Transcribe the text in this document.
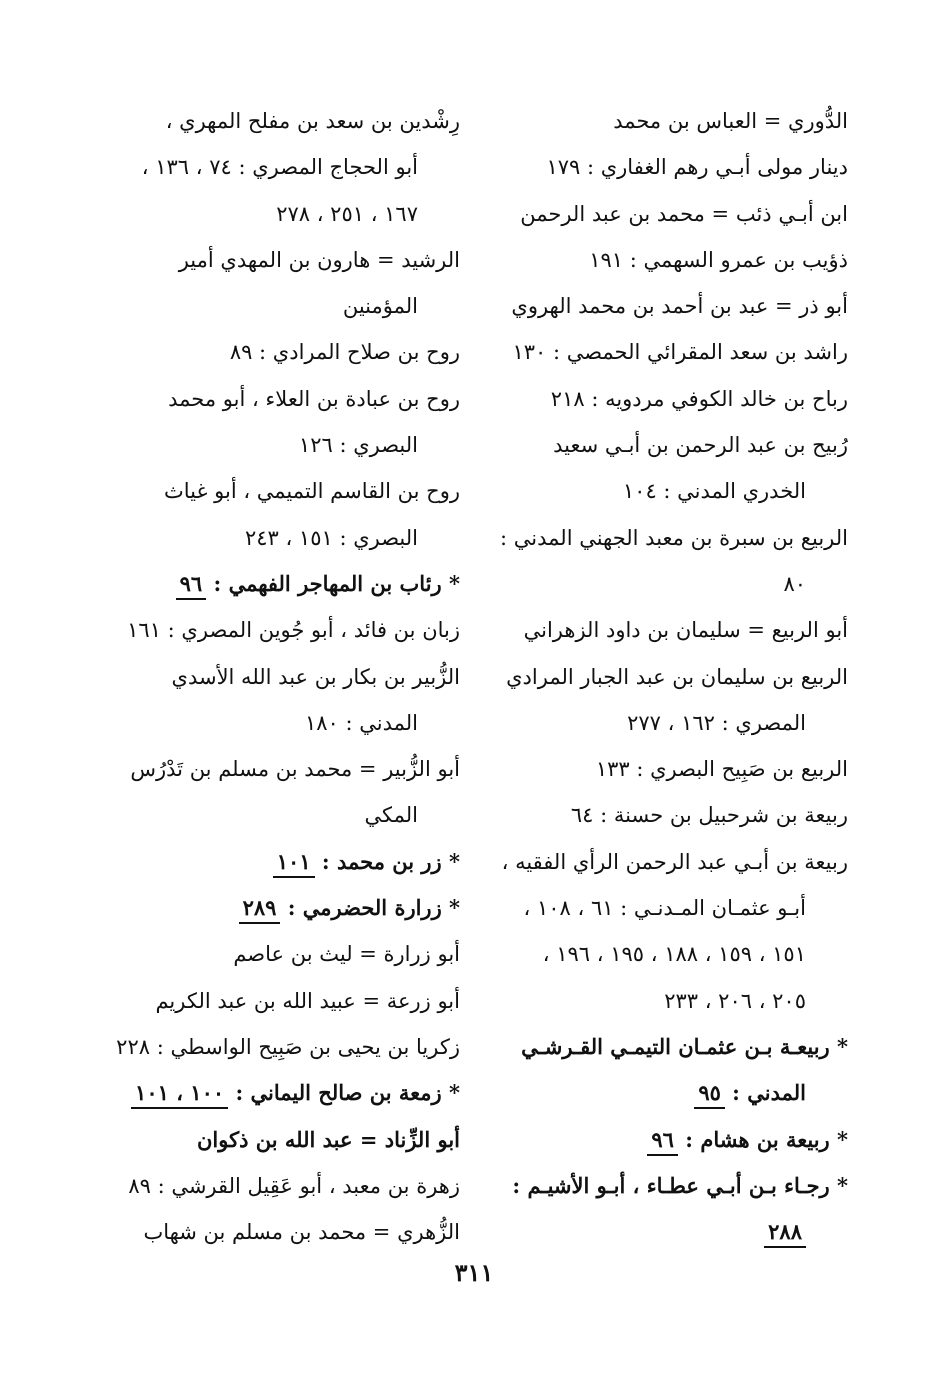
الدُّوري = العباس بن محمد
دينار مولى أبـي رهم الغفاري : ١٧٩
ابن أبـي ذئب = محمد بن عبد الرحمن
ذؤيب بن عمرو السهمي : ١٩١
أبو ذر = عبد بن أحمد بن محمد الهروي
راشد بن سعد المقرائي الحمصي : ١٣٠
رباح بن خالد الكوفي مردويه : ٢١٨
رُبيح بن عبد الرحمن بن أبـي سعيد
الخدري المدني : ١٠٤
الربيع بن سبرة بن معبد الجهني المدني :
٨٠
أبو الربيع = سليمان بن داود الزهراني
الربيع بن سليمان بن عبد الجبار المرادي
المصري : ١٦٢ ، ٢٧٧
الربيع بن صَبِيح البصري : ١٣٣
ربيعة بن شرحبيل بن حسنة : ٦٤
ربيعة بن أبـي عبد الرحمن الرأي الفقيه ،
أبـو عثمـان المـدنـي : ٦١ ، ١٠٨ ،
١٥١ ، ١٥٩ ، ١٨٨ ، ١٩٥ ، ١٩٦ ،
٢٠٥ ، ٢٠٦ ، ٢٣٣
* ربيعـة بـن عثمـان التيمـي القـرشـي
المدني : ٩٥
* ربيعة بن هشام : ٩٦
* رجـاء بـن أبـي عطـاء ، أبـو الأشيـم :
٢٨٨
رِشْدين بن سعد بن مفلح المهري ،
أبو الحجاج المصري : ٧٤ ، ١٣٦ ،
١٦٧ ، ٢٥١ ، ٢٧٨
الرشيد = هارون بن المهدي أمير
المؤمنين
روح بن صلاح المرادي : ٨٩
روح بن عبادة بن العلاء ، أبو محمد
البصري : ١٢٦
روح بن القاسم التميمي ، أبو غياث
البصري : ١٥١ ، ٢٤٣
* رئاب بن المهاجر الفهمي : ٩٦
زبان بن فائد ، أبو جُوين المصري : ١٦١
الزُّبير بن بكار بن عبد الله الأسدي
المدني : ١٨٠
أبو الزُّبير = محمد بن مسلم بن تَدْرُس
المكي
* زر بن محمد : ١٠١
* زرارة الحضرمي : ٢٨٩
أبو زرارة = ليث بن عاصم
أبو زرعة = عبيد الله بن عبد الكريم
زكريا بن يحيى بن صَبِيح الواسطي : ٢٢٨
* زمعة بن صالح اليماني : ١٠٠ ، ١٠١
أبو الزِّناد = عبد الله بن ذكوان
زهرة بن معبد ، أبو عَقِيل القرشي : ٨٩
الزُّهري = محمد بن مسلم بن شهاب
٣١١
